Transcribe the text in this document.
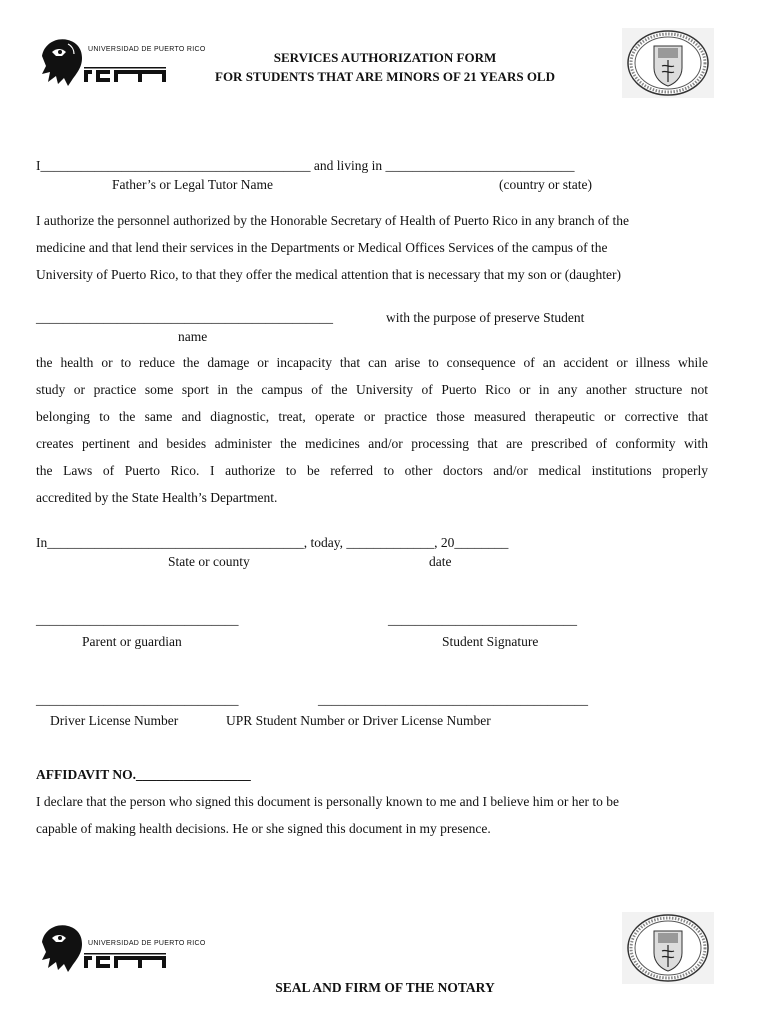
UNIVERSIDAD DE PUERTO RICO
SERVICES AUTHORIZATION FORM
FOR STUDENTS THAT ARE MINORS OF 21 YEARS OLD
I________________________________________ and living in ____________________________
Father’s or Legal Tutor Name	(country or state)
I authorize the personnel authorized by the Honorable Secretary of Health of Puerto Rico in any branch of the
medicine and that lend their services in the Departments or Medical Offices Services of the campus of the
University of Puerto Rico, to that they offer the medical attention that is necessary that my son or (daughter)
____________________________________________	with the purpose of preserve Student
name
the health or to reduce the damage or incapacity that can arise to consequence of an accident or illness while
study or practice some sport in the campus of the University of Puerto Rico or in any another structure not
belonging to the same and diagnostic, treat, operate or practice those measured therapeutic or corrective that
creates pertinent and besides administer the medicines and/or processing that are prescribed of conformity with
the Laws of Puerto Rico. I authorize to be referred to other doctors and/or medical institutions properly
accredited by the State Health’s Department.
In______________________________________, today, _____________, 20________
State or county	date
______________________________	____________________________
Parent or guardian	Student Signature
______________________________	________________________________________
Driver License Number	UPR Student Number or Driver License Number
AFFIDAVIT NO._________________
I declare that the person who signed this document is personally known to me and I believe him or her to be
capable of making health decisions. He or she signed this document in my presence.
UNIVERSIDAD DE PUERTO RICO
SEAL AND FIRM OF THE NOTARY
